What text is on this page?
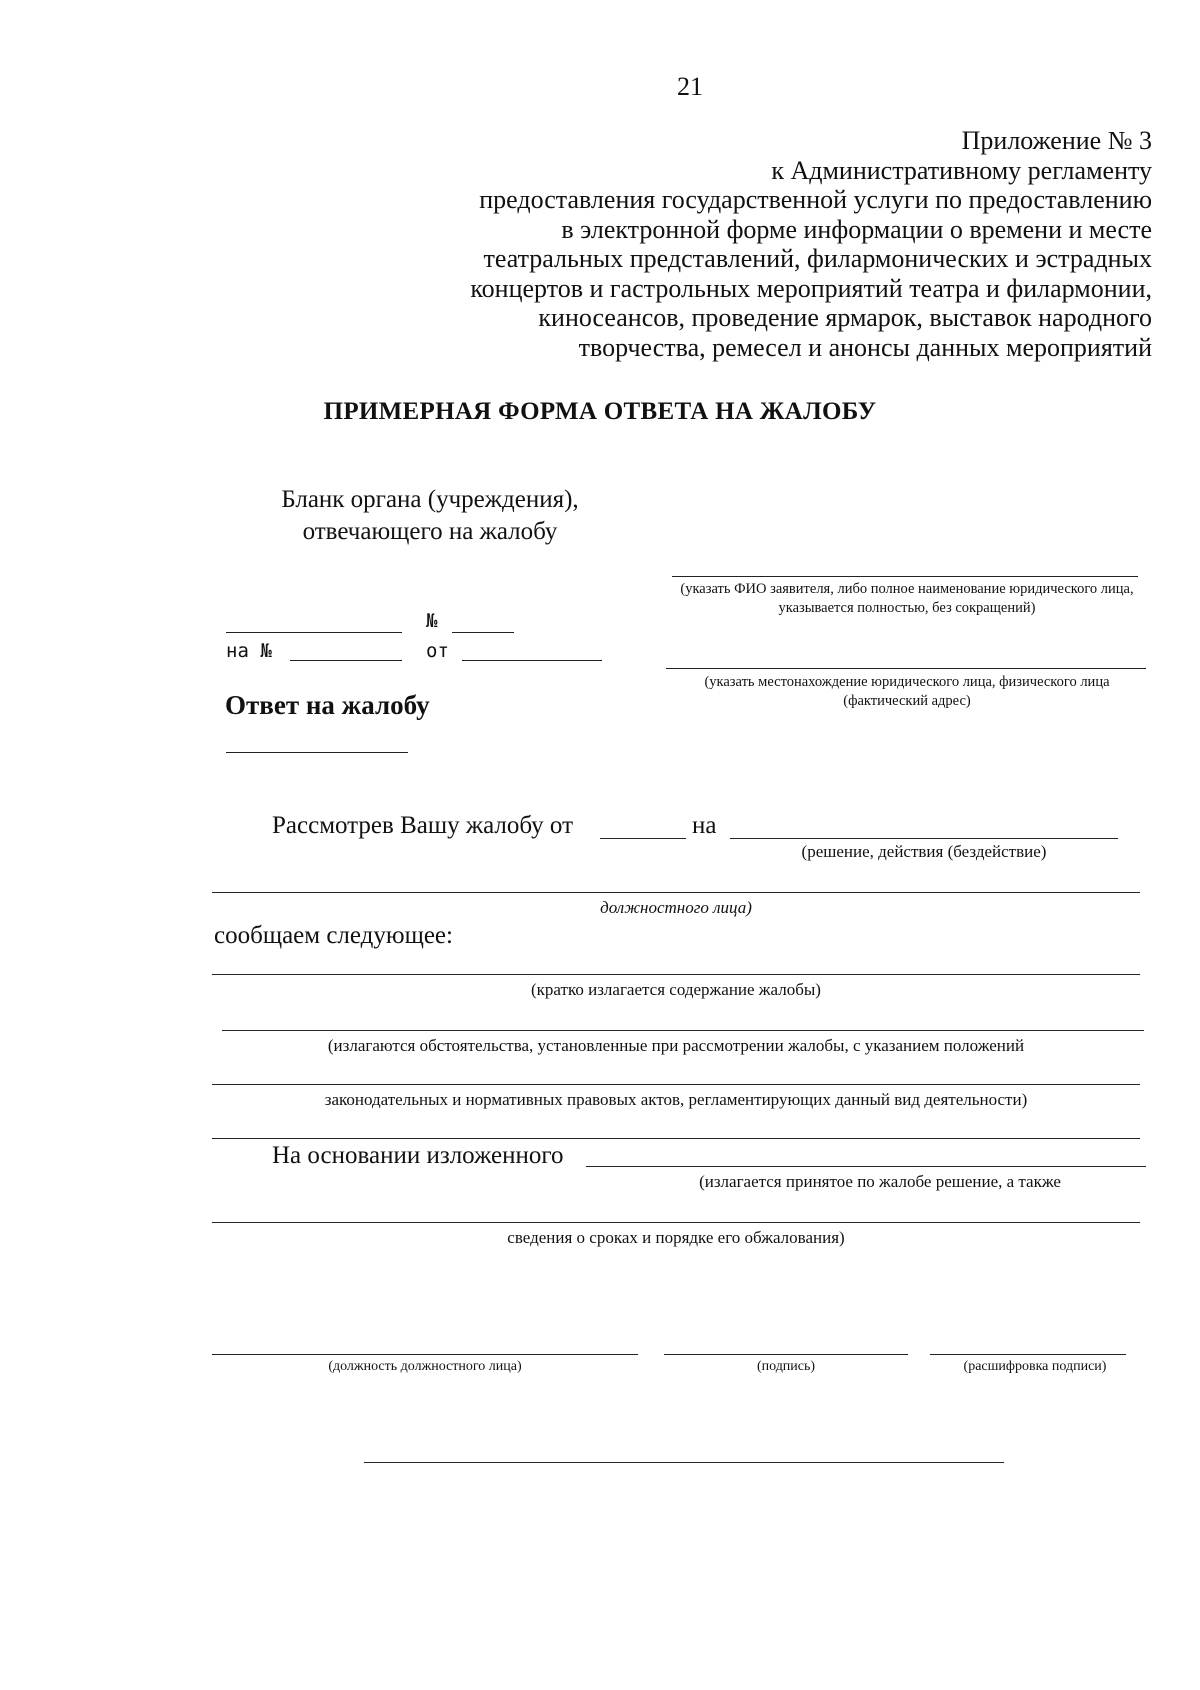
21
Приложение № 3
к Административному регламенту
предоставления государственной услуги по предоставлению
в электронной форме информации о времени и месте
театральных представлений, филармонических и эстрадных
концертов и гастрольных мероприятий театра и филармонии,
киносеансов, проведение ярмарок, выставок народного
творчества, ремесел и анонсы данных мероприятий
ПРИМЕРНАЯ ФОРМА ОТВЕТА НА ЖАЛОБУ
Бланк органа (учреждения), отвечающего на жалобу
(указать ФИО заявителя, либо полное наименование юридического лица, указывается полностью, без сокращений)
(указать местонахождение юридического лица, физического лица (фактический адрес)
№
на №	от
Ответ на жалобу
Рассмотрев Вашу жалобу от	на
(решение, действия (бездействие)
должностного лица)
сообщаем следующее:
(кратко излагается содержание жалобы)
(излагаются обстоятельства, установленные при рассмотрении жалобы, с указанием положений
законодательных и нормативных правовых актов, регламентирующих данный вид деятельности)
На основании изложенного
(излагается принятое по жалобе решение, а также
сведения о сроках и порядке его обжалования)
(должность должностного лица)	(подпись)	(расшифровка подписи)
